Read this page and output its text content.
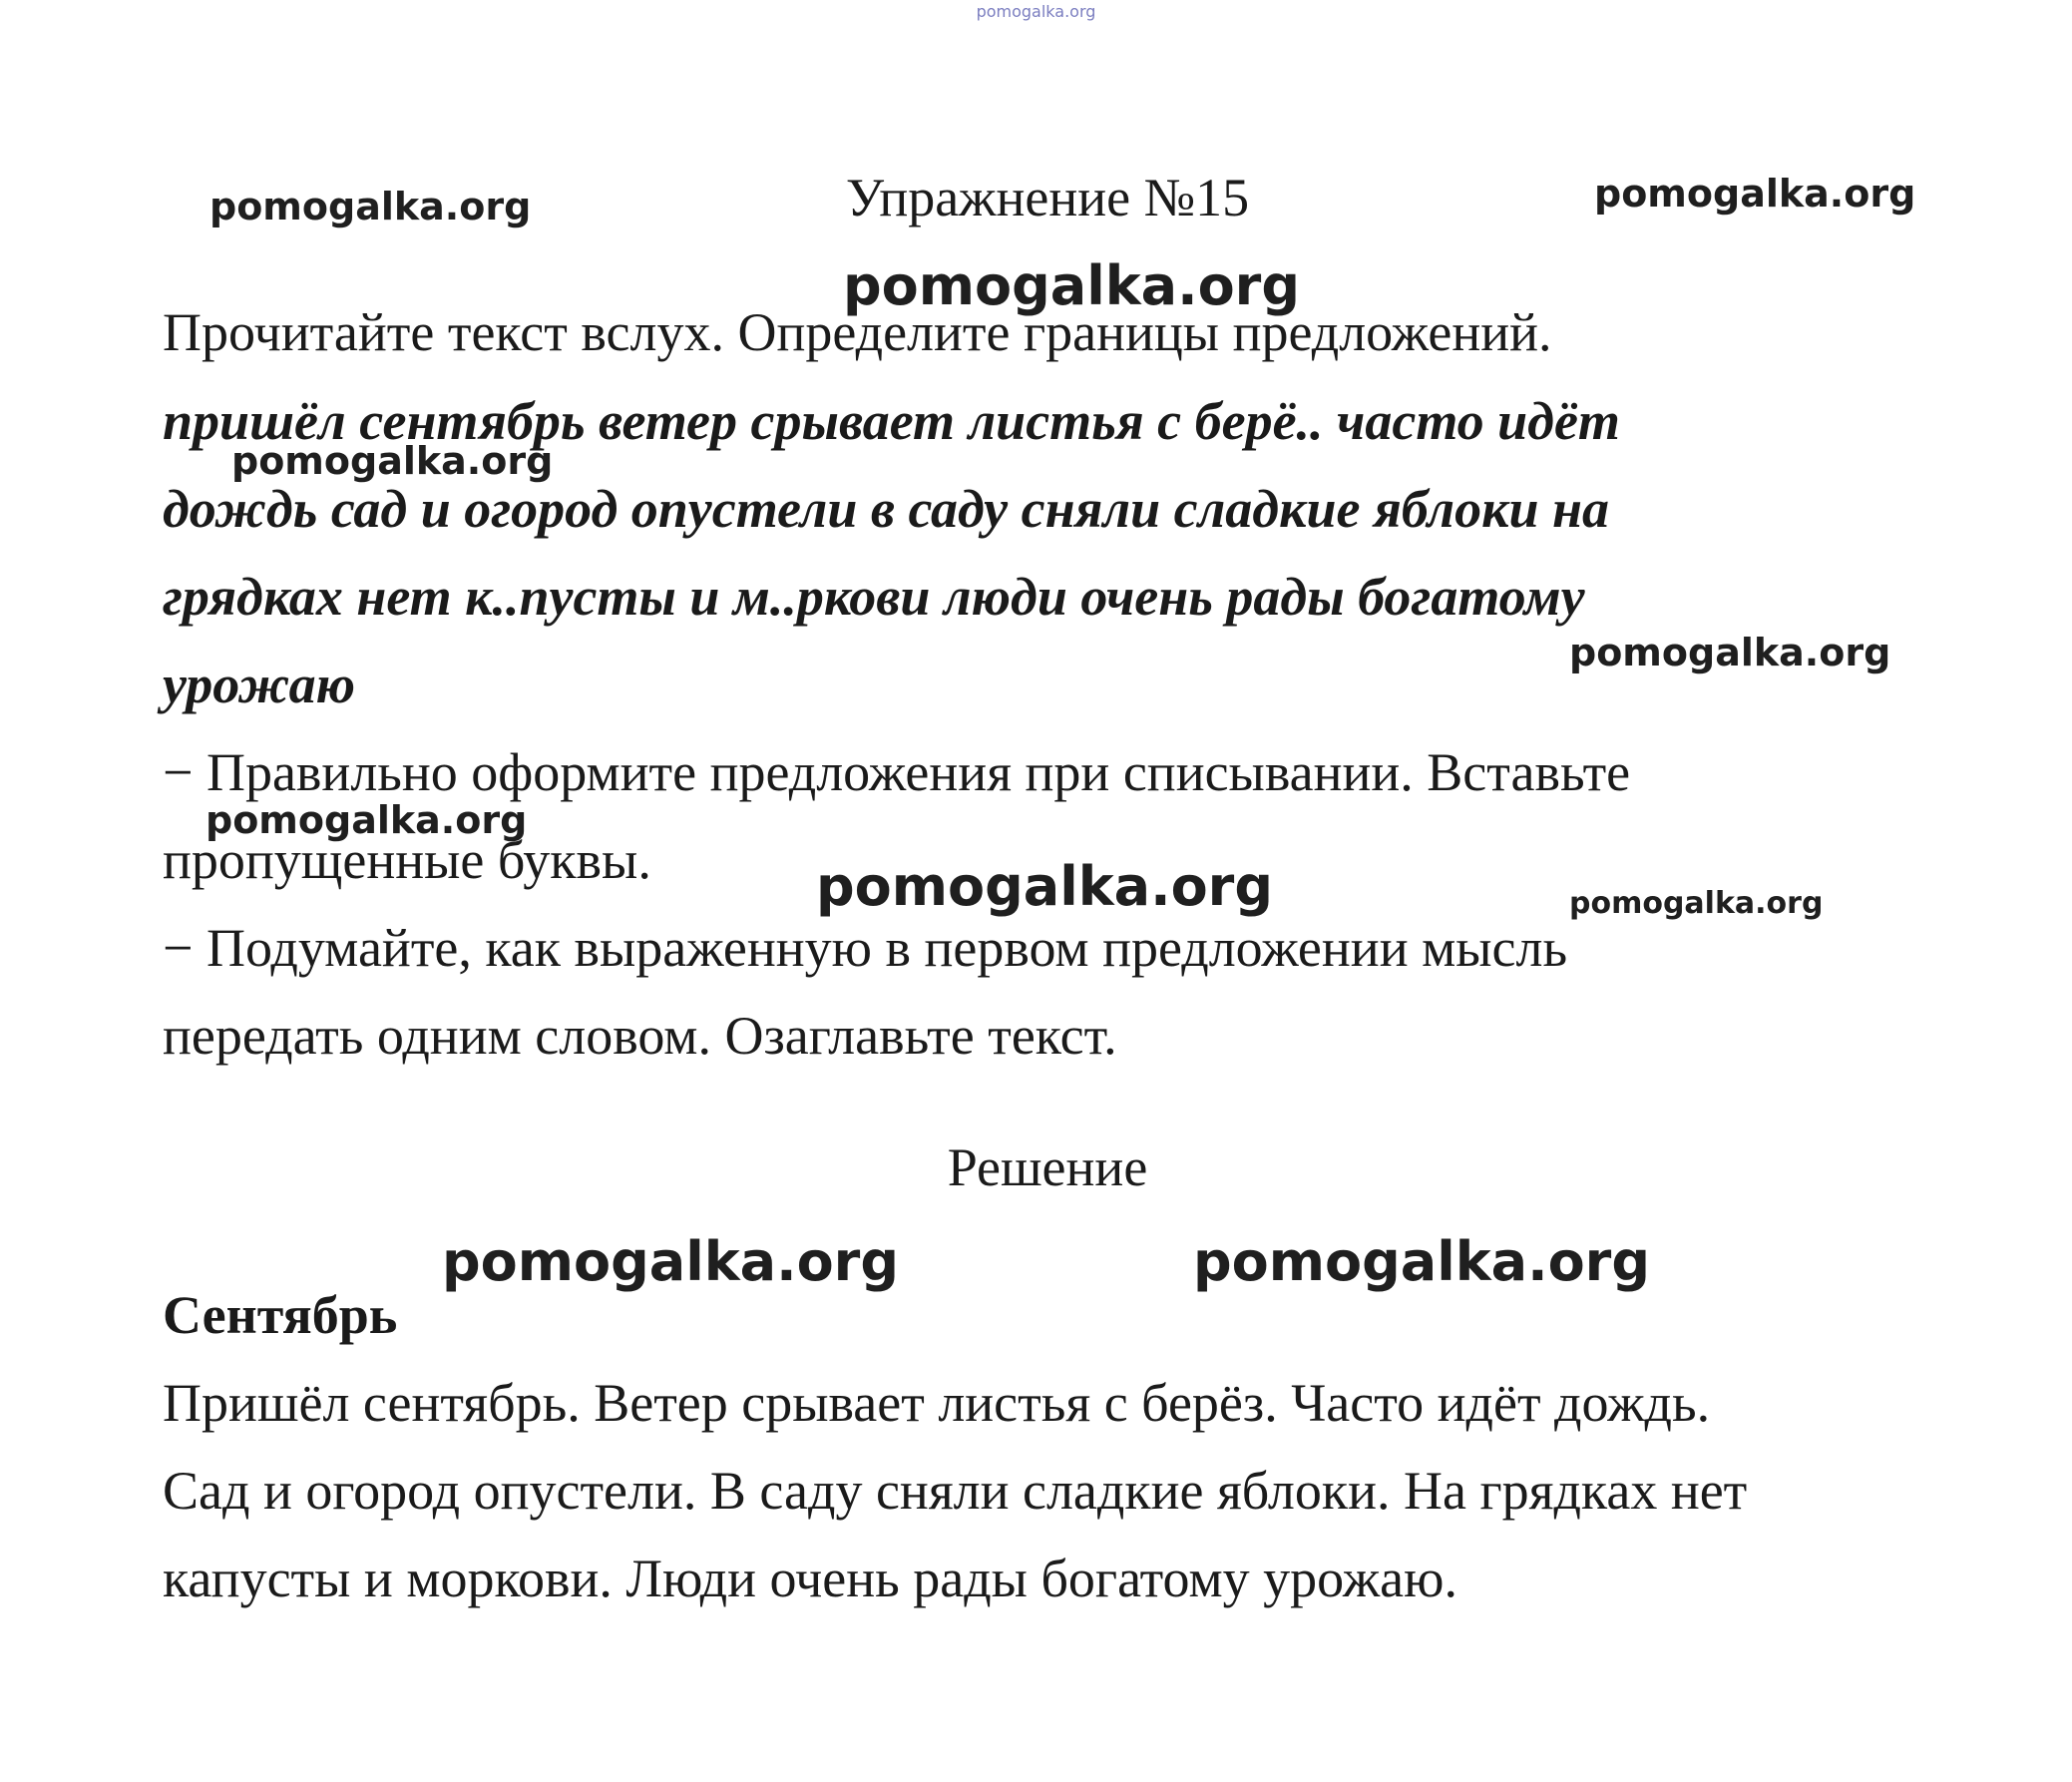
pomogalka.org
Упражнение №15
Прочитайте текст вслух. Определите границы предложений.
пришёл сентябрь ветер срывает листья с берё.. часто идёт
дождь сад и огород опустели в саду сняли сладкие яблоки на
грядках нет к..пусты и м..ркови люди очень рады богатому
урожаю
− Правильно оформите предложения при списывании. Вставьте
пропущенные буквы.
− Подумайте, как выраженную в первом предложении мысль
передать одним словом. Озаглавьте текст.
Решение
Сентябрь
Пришёл сентябрь. Ветер срывает листья с берёз. Часто идёт дождь.
Сад и огород опустели. В саду сняли сладкие яблоки. На грядках нет
капусты и моркови. Люди очень рады богатому урожаю.
pomogalka.org	pomogalka.org
pomogalka.org
pomogalka.org
pomogalka.org
pomogalka.org
pomogalka.org	pomogalka.org
pomogalka.org	pomogalka.org
